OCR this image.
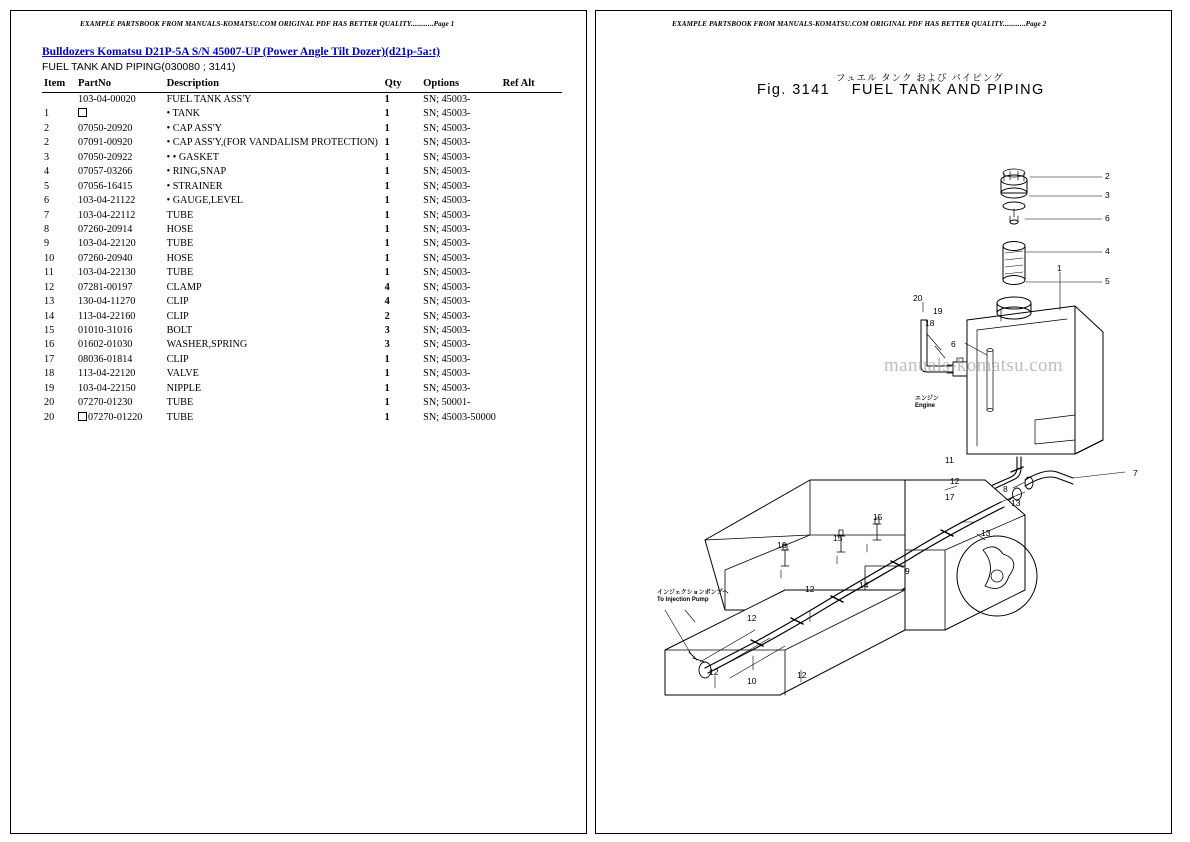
EXAMPLE PARTSBOOK FROM MANUALS-KOMATSU.COM ORIGINAL PDF HAS BETTER QUALITY............Page 1	EXAMPLE PARTSBOOK FROM MANUALS-KOMATSU.COM ORIGINAL PDF HAS BETTER QUALITY............Page 2
Bulldozers Komatsu D21P-5A S/N 45007-UP (Power Angle Tilt Dozer)(d21p-5a:t)
FUEL TANK AND PIPING(030080 ; 3141)
Item	PartNo	Description	Qty	Options	Ref Alt
	103-04-00020	FUEL TANK ASS'Y	1	SN; 45003-	
1		• TANK	1	SN; 45003-	
2	07050-20920	• CAP ASS'Y	1	SN; 45003-	
2	07091-00920	• CAP ASS'Y,(FOR VANDALISM PROTECTION)	1	SN; 45003-	
3	07050-20922	• • GASKET	1	SN; 45003-	
4	07057-03266	• RING,SNAP	1	SN; 45003-	
5	07056-16415	• STRAINER	1	SN; 45003-	
6	103-04-21122	• GAUGE,LEVEL	1	SN; 45003-	
7	103-04-22112	TUBE	1	SN; 45003-	
8	07260-20914	HOSE	1	SN; 45003-	
9	103-04-22120	TUBE	1	SN; 45003-	
10	07260-20940	HOSE	1	SN; 45003-	
11	103-04-22130	TUBE	1	SN; 45003-	
12	07281-00197	CLAMP	4	SN; 45003-	
13	130-04-11270	CLIP	4	SN; 45003-	
14	113-04-22160	CLIP	2	SN; 45003-	
15	01010-31016	BOLT	3	SN; 45003-	
16	01602-01030	WASHER,SPRING	3	SN; 45003-	
17	08036-01814	CLIP	1	SN; 45003-	
18	113-04-22120	VALVE	1	SN; 45003-	
19	103-04-22150	NIPPLE	1	SN; 45003-	
20	07270-01230	TUBE	1	SN; 50001-	
20	07270-01220	TUBE	1	SN; 45003-50000	
フュエル タンク および パイピング
Fig. 3141 FUEL TANK AND PIPING
2
3
6
4
5
1
20
19
18
6
12
11
17
8
13
7
15
15
16
9
13
14
12
12
12	12
10
インジェクションポンプへ
To Injection Pump
エンジン
Engine
manuals-komatsu.com
